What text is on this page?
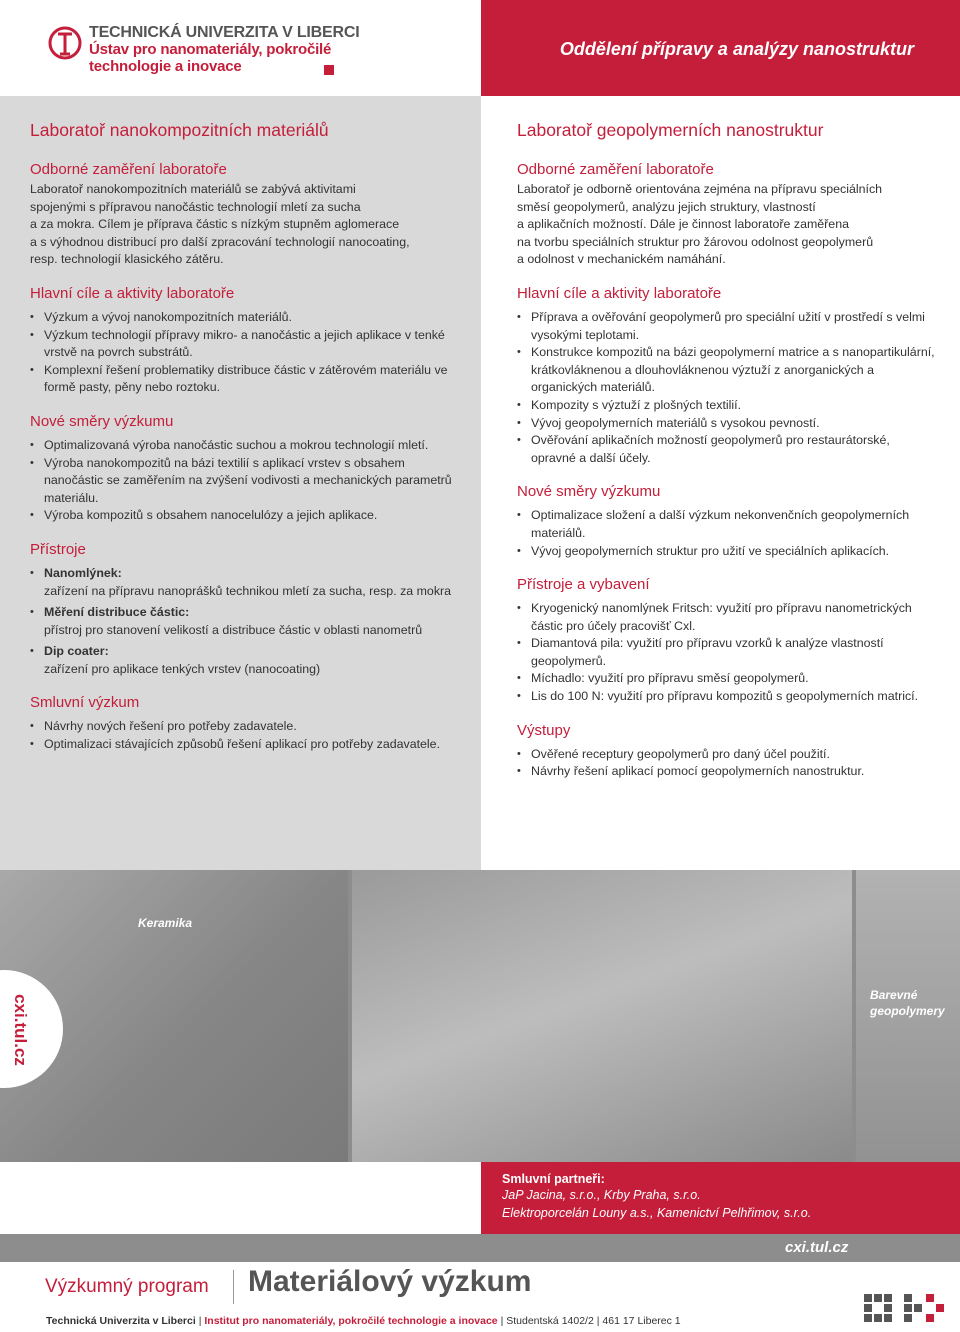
TECHNICKÁ UNIVERZITA V LIBERCI
Ústav pro nanomateriály, pokročilé
technologie a inovace
Oddělení přípravy a analýzy nanostruktur
Laboratoř nanokompozitních materiálů
Odborné zaměření laboratoře
Laboratoř nanokompozitních materiálů se zabývá aktivitami
spojenými s přípravou nanočástic technologií mletí za sucha
a za mokra. Cílem je příprava částic s nízkým stupněm aglomerace
a s výhodnou distribucí pro další zpracování technologií nanocoating,
resp. technologií klasického zátěru.
Hlavní cíle a aktivity laboratoře
• Výzkum a vývoj nanokompozitních materiálů.
• Výzkum technologií přípravy mikro- a nanočástic a jejich aplikace v tenké vrstvě na povrch substrátů.
• Komplexní řešení problematiky distribuce částic v zátěrovém materiálu ve formě pasty, pěny nebo roztoku.
Nové směry výzkumu
• Optimalizovaná výroba nanočástic suchou a mokrou technologií mletí.
• Výroba nanokompozitů na bázi textilií s aplikací vrstev s obsahem nanočástic se zaměřením na zvýšení vodivosti a mechanických parametrů materiálu.
• Výroba kompozitů s obsahem nanocelulózy a jejich aplikace.
Přístroje
• Nanomlýnek:
zařízení na přípravu nanoprášků technikou mletí za sucha, resp. za mokra
• Měření distribuce částic:
přístroj pro stanovení velikostí a distribuce částic v oblasti nanometrů
• Dip coater:
zařízení pro aplikace tenkých vrstev (nanocoating)
Smluvní výzkum
• Návrhy nových řešení pro potřeby zadavatele.
• Optimalizaci stávajících způsobů řešení aplikací pro potřeby zadavatele.
Laboratoř geopolymerních nanostruktur
Odborné zaměření laboratoře
Laboratoř je odborně orientována zejména na přípravu speciálních
směsí geopolymerů, analýzu jejich struktury, vlastností
a aplikačních možností. Dále je činnost laboratoře zaměřena
na tvorbu speciálních struktur pro žárovou odolnost geopolymerů
a odolnost v mechanickém namáhání.
Hlavní cíle a aktivity laboratoře
• Příprava a ověřování geopolymerů pro speciální užití v prostředí s velmi vysokými teplotami.
• Konstrukce kompozitů na bázi geopolymerní matrice a s nanopartikulární, krátkovláknenou a dlouhovláknenou výztuží z anorganických a organických materiálů.
• Kompozity s výztuží z plošných textilií.
• Vývoj geopolymerních materiálů s vysokou pevností.
• Ověřování aplikačních možností geopolymerů pro restaurátorské, opravné a další účely.
Nové směry výzkumu
• Optimalizace složení a další výzkum nekonvenčních geopolymerních materiálů.
• Vývoj geopolymerních struktur pro užití ve speciálních aplikacích.
Přístroje a vybavení
• Kryogenický nanomlýnek Fritsch: využití pro přípravu nanometrických částic pro účely pracovišť Cxl.
• Diamantová pila: využití pro přípravu vzorků k analýze vlastností geopolymerů.
• Míchadlo: využití pro přípravu směsí geopolymerů.
• Lis do 100 N: využití pro přípravu kompozitů s geopolymerních matricí.
Výstupy
• Ověřené receptury geopolymerů pro daný účel použití.
• Návrhy řešení aplikací pomocí geopolymerních nanostruktur.
Keramika
Barevné
geopolymery
cxi.tul.cz
Kryomlýnek -
laboratoř geopolymerů
Smluvní partneři:
JaP Jacina, s.r.o., Krby Praha, s.r.o.
Elektroporcelán Louny a.s., Kamenictví Pelhřimov, s.r.o.
cxi.tul.cz
Výzkumný program Materiálový výzkum
Technická Univerzita v Liberci | Institut pro nanomateriály, pokročilé technologie a inovace | Studentská 1402/2 | 461 17 Liberec 1
